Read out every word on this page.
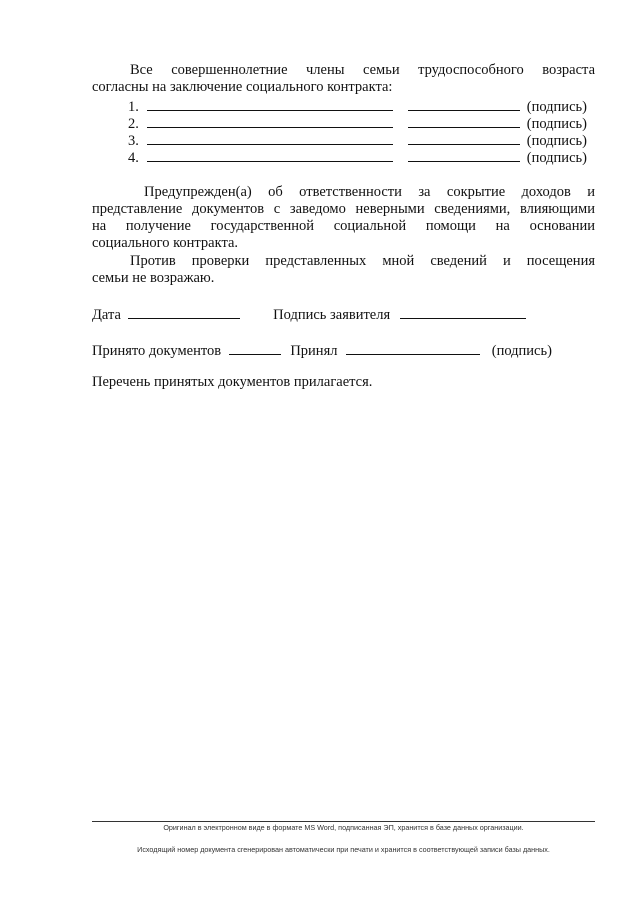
Все совершеннолетние члены семьи трудоспособного возраста
согласны на заключение социального контракта:
1.	(подпись)
2.	(подпись)
3.	(подпись)
4.	(подпись)
Предупрежден(а) об ответственности за сокрытие доходов и
представление документов с заведомо неверными сведениями, влияющими
на получение государственной социальной помощи на основании
социального контракта.
Против проверки представленных мной сведений и посещения
семьи не возражаю.
Дата	Подпись заявителя
Принято документов	Принял	(подпись)
Перечень принятых документов прилагается.
Оригинал в электронном виде в формате MS Word, подписанная ЭП, хранится в базе данных организации.
Исходящий номер документа сгенерирован автоматически при печати и хранится в соответствующей записи базы данных.
